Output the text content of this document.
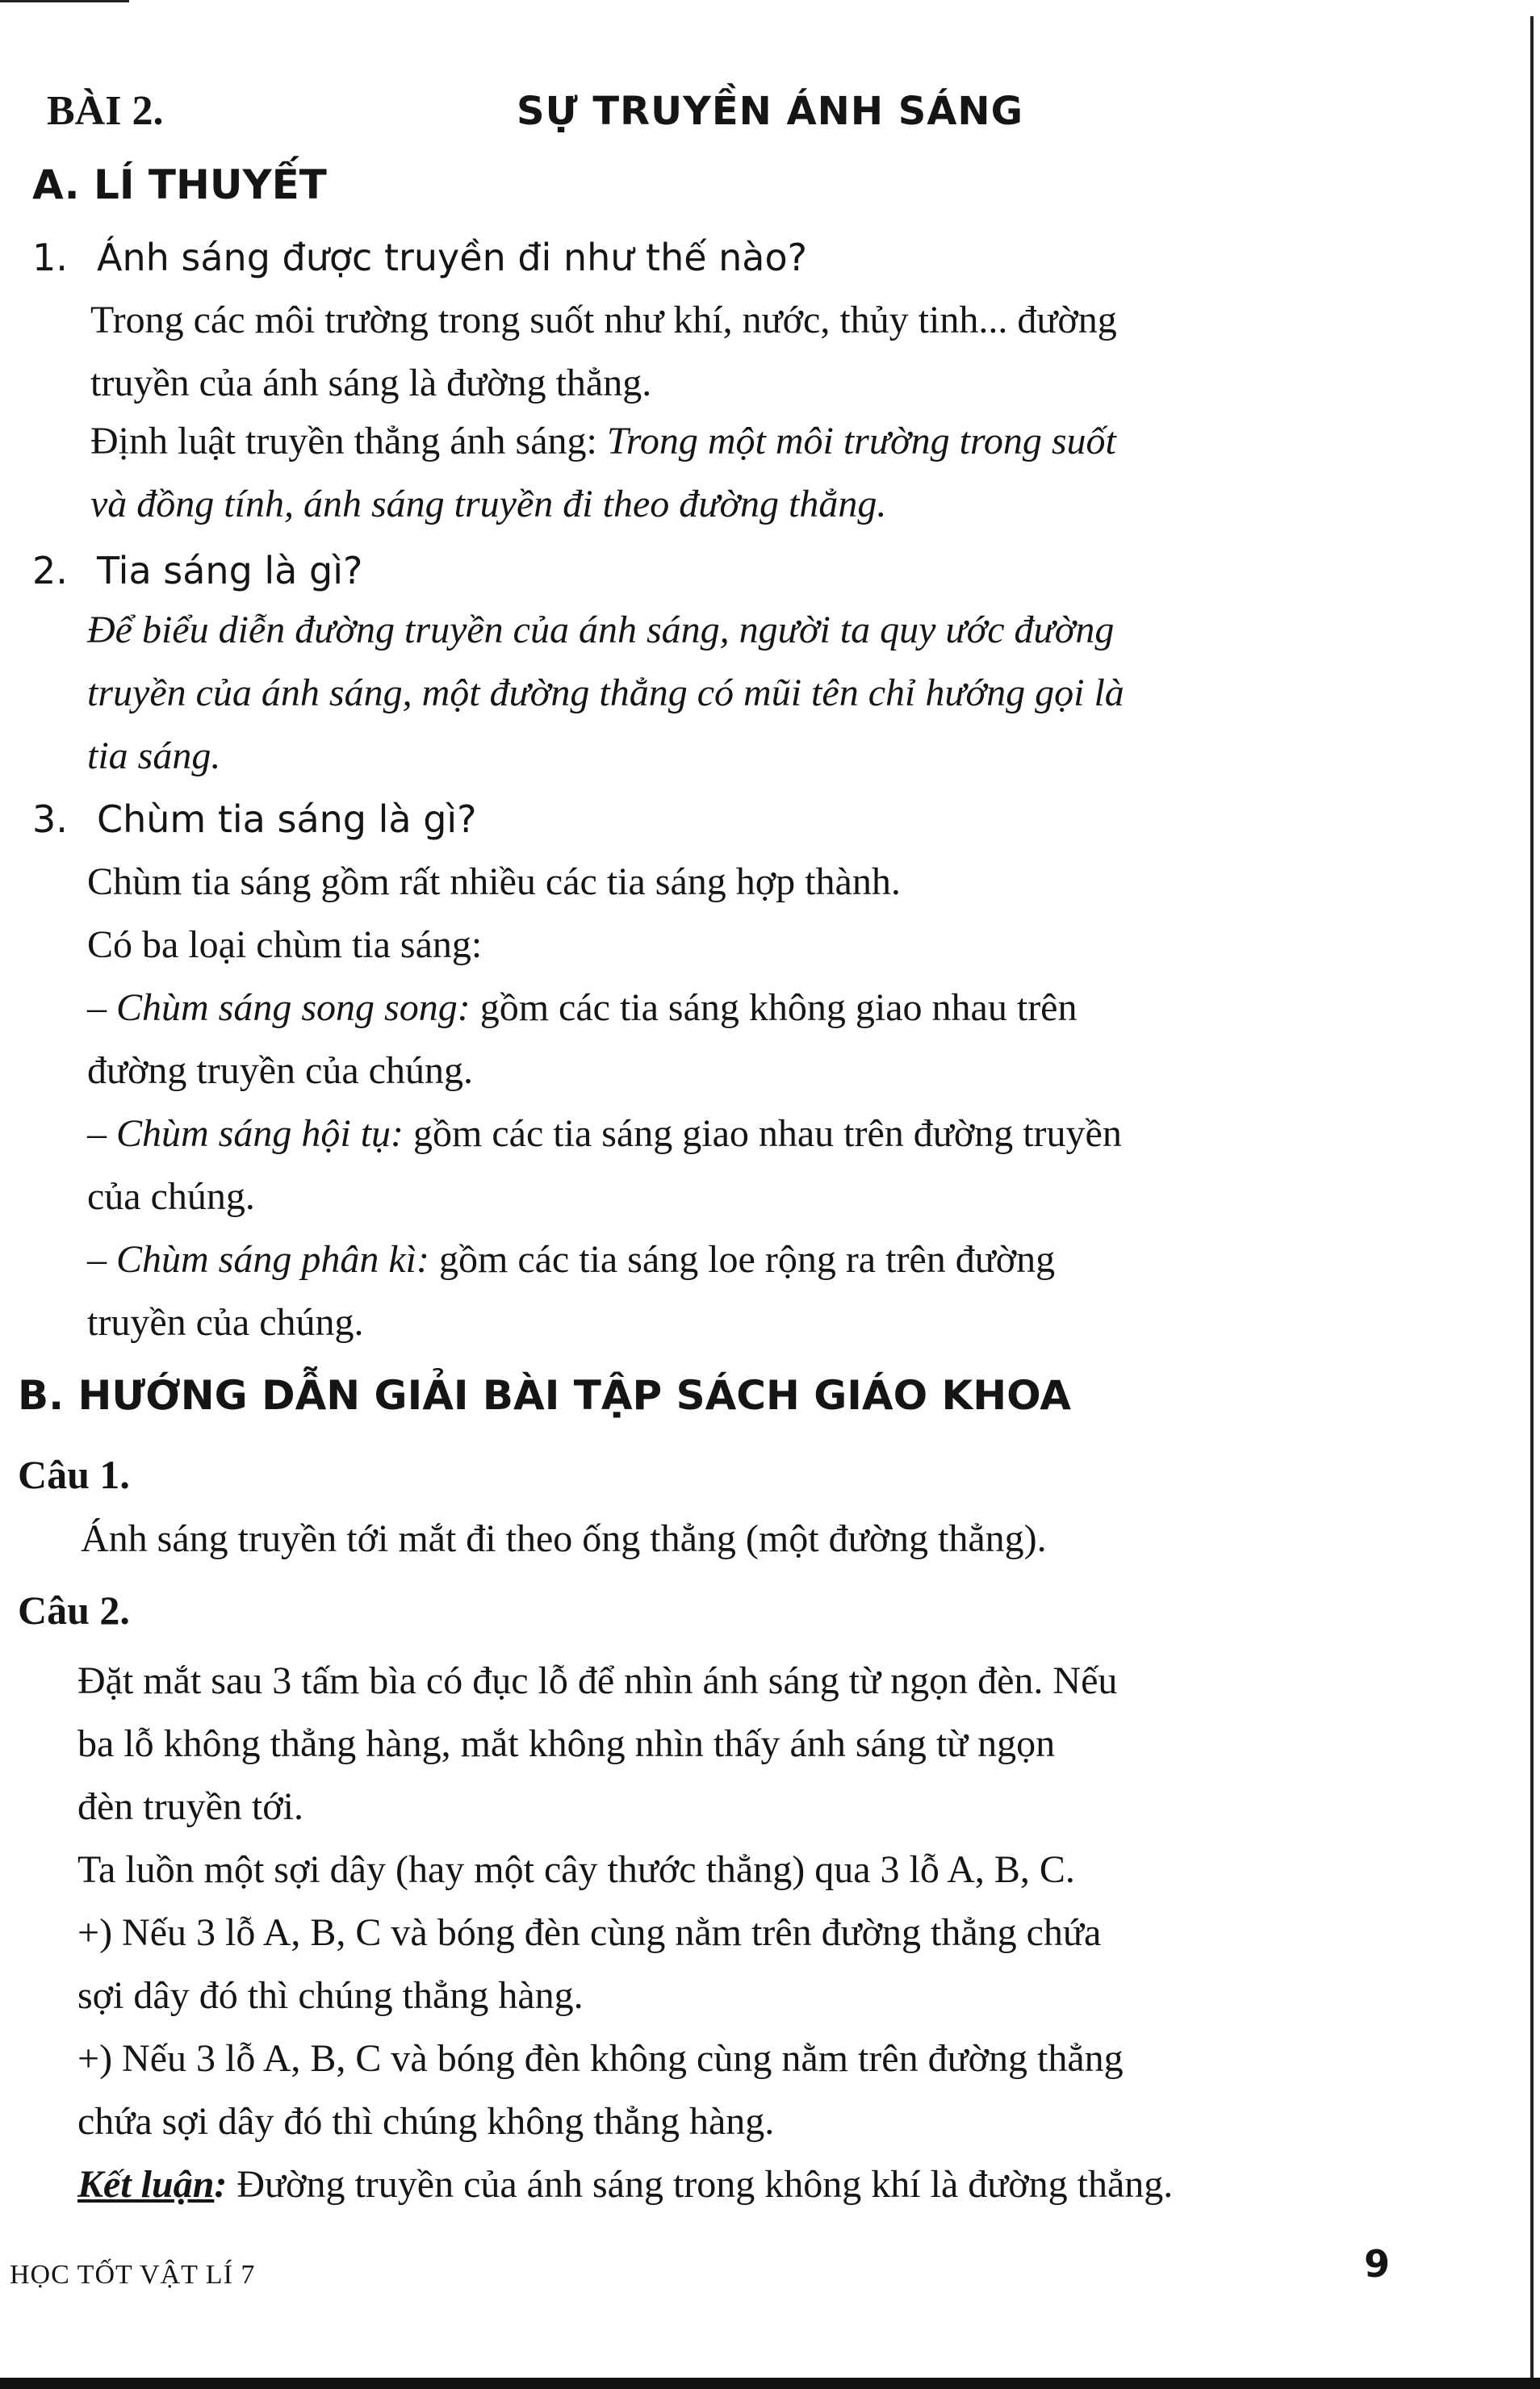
BÀI 2.	SỰ TRUYỀN ÁNH SÁNG
A. LÍ THUYẾT
1. Ánh sáng được truyền đi như thế nào?
Trong các môi trường trong suốt như khí, nước, thủy tinh... đường
truyền của ánh sáng là đường thẳng.
Định luật truyền thẳng ánh sáng: Trong một môi trường trong suốt
và đồng tính, ánh sáng truyền đi theo đường thẳng.
2. Tia sáng là gì?
Để biểu diễn đường truyền của ánh sáng, người ta quy ước đường
truyền của ánh sáng, một đường thẳng có mũi tên chỉ hướng gọi là
tia sáng.
3. Chùm tia sáng là gì?
Chùm tia sáng gồm rất nhiều các tia sáng hợp thành.
Có ba loại chùm tia sáng:
– Chùm sáng song song: gồm các tia sáng không giao nhau trên
đường truyền của chúng.
– Chùm sáng hội tụ: gồm các tia sáng giao nhau trên đường truyền
của chúng.
– Chùm sáng phân kì: gồm các tia sáng loe rộng ra trên đường
truyền của chúng.
B. HƯỚNG DẪN GIẢI BÀI TẬP SÁCH GIÁO KHOA
Câu 1.
Ánh sáng truyền tới mắt đi theo ống thẳng (một đường thẳng).
Câu 2.
Đặt mắt sau 3 tấm bìa có đục lỗ để nhìn ánh sáng từ ngọn đèn. Nếu
ba lỗ không thẳng hàng, mắt không nhìn thấy ánh sáng từ ngọn
đèn truyền tới.
Ta luồn một sợi dây (hay một cây thước thẳng) qua 3 lỗ A, B, C.
+) Nếu 3 lỗ A, B, C và bóng đèn cùng nằm trên đường thẳng chứa
sợi dây đó thì chúng thẳng hàng.
+) Nếu 3 lỗ A, B, C và bóng đèn không cùng nằm trên đường thẳng
chứa sợi dây đó thì chúng không thẳng hàng.
Kết luận: Đường truyền của ánh sáng trong không khí là đường thẳng.
HỌC TỐT VẬT LÍ 7	9
